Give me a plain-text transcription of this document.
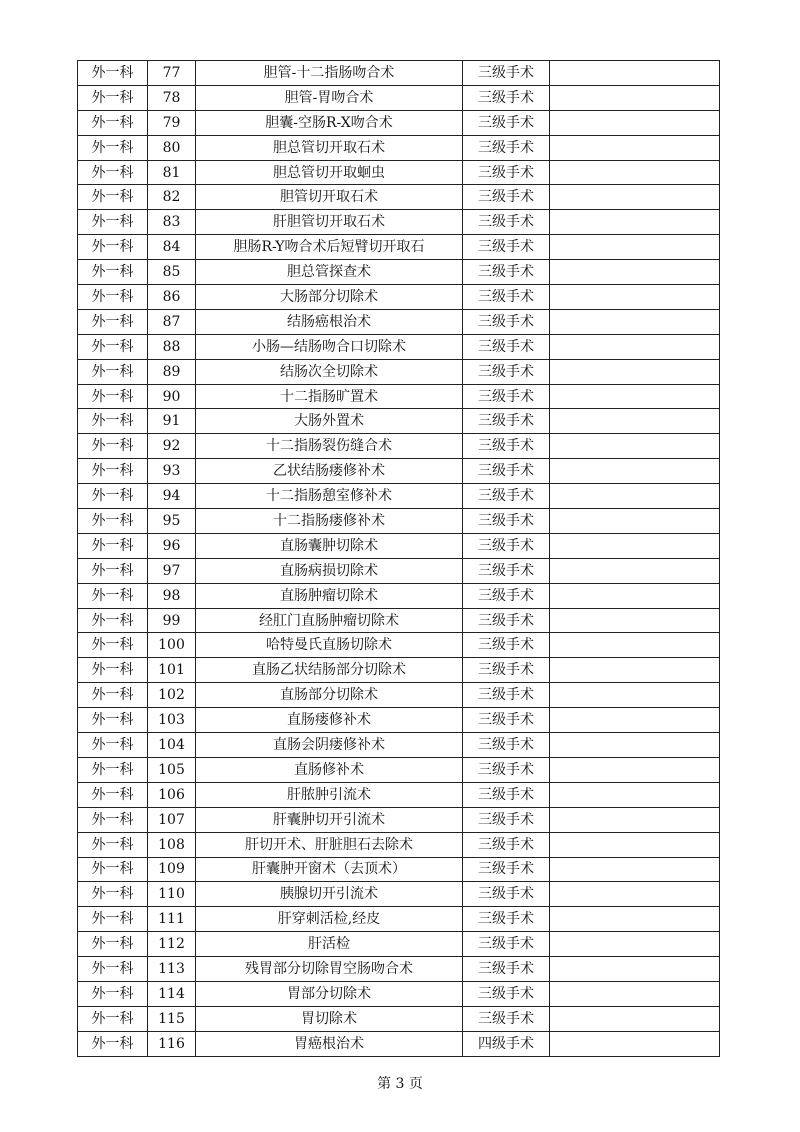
外一科	77	胆管-十二指肠吻合术	三级手术	
外一科	78	胆管-胃吻合术	三级手术	
外一科	79	胆囊-空肠R-X吻合术	三级手术	
外一科	80	胆总管切开取石术	三级手术	
外一科	81	胆总管切开取蛔虫	三级手术	
外一科	82	胆管切开取石术	三级手术	
外一科	83	肝胆管切开取石术	三级手术	
外一科	84	胆肠R-Y吻合术后短臂切开取石	三级手术	
外一科	85	胆总管探查术	三级手术	
外一科	86	大肠部分切除术	三级手术	
外一科	87	结肠癌根治术	三级手术	
外一科	88	小肠—结肠吻合口切除术	三级手术	
外一科	89	结肠次全切除术	三级手术	
外一科	90	十二指肠旷置术	三级手术	
外一科	91	大肠外置术	三级手术	
外一科	92	十二指肠裂伤缝合术	三级手术	
外一科	93	乙状结肠瘘修补术	三级手术	
外一科	94	十二指肠憩室修补术	三级手术	
外一科	95	十二指肠瘘修补术	三级手术	
外一科	96	直肠囊肿切除术	三级手术	
外一科	97	直肠病损切除术	三级手术	
外一科	98	直肠肿瘤切除术	三级手术	
外一科	99	经肛门直肠肿瘤切除术	三级手术	
外一科	100	哈特曼氏直肠切除术	三级手术	
外一科	101	直肠乙状结肠部分切除术	三级手术	
外一科	102	直肠部分切除术	三级手术	
外一科	103	直肠瘘修补术	三级手术	
外一科	104	直肠会阴瘘修补术	三级手术	
外一科	105	直肠修补术	三级手术	
外一科	106	肝脓肿引流术	三级手术	
外一科	107	肝囊肿切开引流术	三级手术	
外一科	108	肝切开术、肝脏胆石去除术	三级手术	
外一科	109	肝囊肿开窗术（去顶术）	三级手术	
外一科	110	胰腺切开引流术	三级手术	
外一科	111	肝穿刺活检,经皮	三级手术	
外一科	112	肝活检	三级手术	
外一科	113	残胃部分切除胃空肠吻合术	三级手术	
外一科	114	胃部分切除术	三级手术	
外一科	115	胃切除术	三级手术	
外一科	116	胃癌根治术	四级手术	
第 3 页
